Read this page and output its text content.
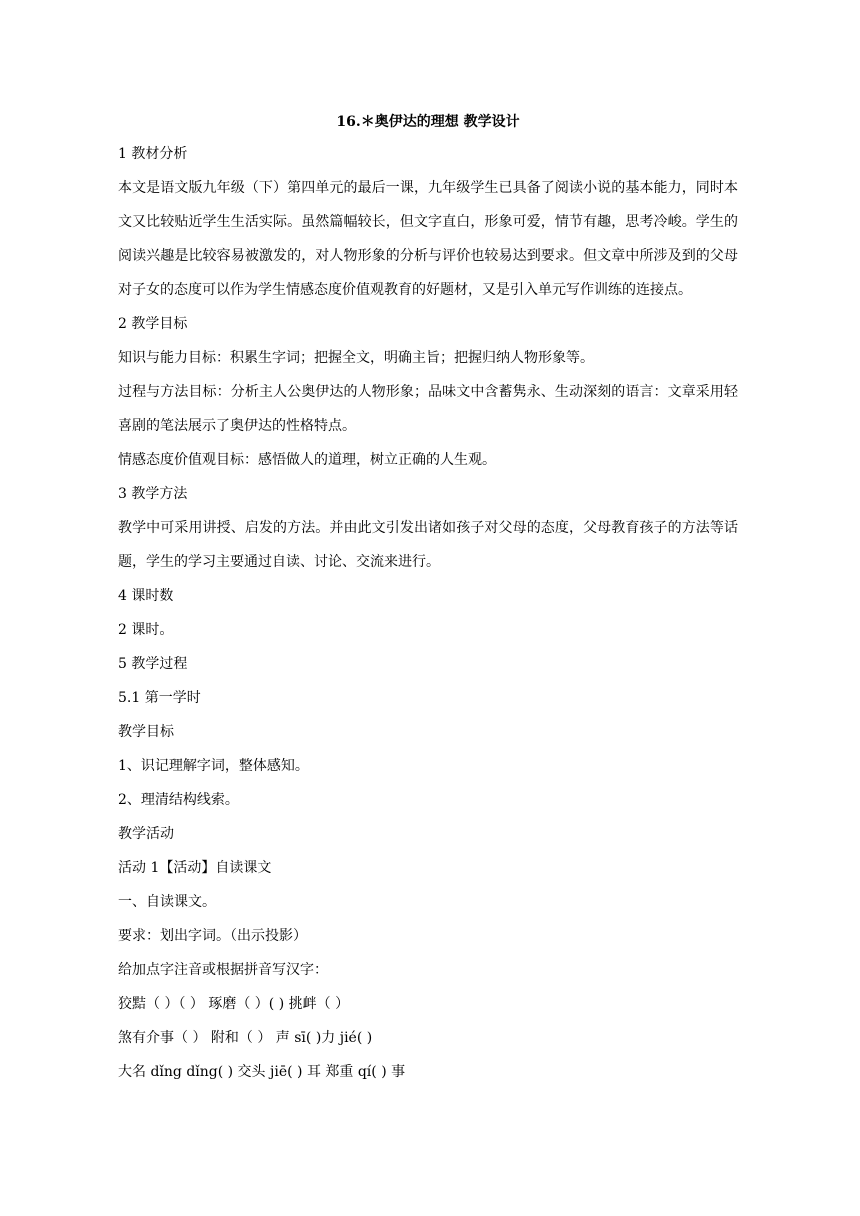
16.＊奥伊达的理想 教学设计
1 教材分析
本文是语文版九年级（下）第四单元的最后一课，九年级学生已具备了阅读小说的基本能力，同时本文又比较贴近学生生活实际。虽然篇幅较长，但文字直白，形象可爱，情节有趣，思考冷峻。学生的阅读兴趣是比较容易被激发的，对人物形象的分析与评价也较易达到要求。但文章中所涉及到的父母对子女的态度可以作为学生情感态度价值观教育的好题材，又是引入单元写作训练的连接点。
2 教学目标
知识与能力目标：积累生字词；把握全文，明确主旨；把握归纳人物形象等。
过程与方法目标：分析主人公奥伊达的人物形象；品味文中含蓄隽永、生动深刻的语言：文章采用轻喜剧的笔法展示了奥伊达的性格特点。
情感态度价值观目标：感悟做人的道理，树立正确的人生观。
3 教学方法
教学中可采用讲授、启发的方法。并由此文引发出诸如孩子对父母的态度，父母教育孩子的方法等话题，学生的学习主要通过自读、讨论、交流来进行。
4 课时数
2 课时。
5 教学过程
5.1 第一学时
教学目标
1、识记理解字词，整体感知。
2、理清结构线索。
教学活动
活动 1【活动】自读课文
一、自读课文。
要求：划出字词。（出示投影）
给加点字注音或根据拼音写汉字：
狡黠（ ）（ ） 琢磨（ ）( ) 挑衅（ ）
煞有介事（ ） 附和（ ） 声 sī( )力 jié( )
大名 dǐng dǐng( ) 交头 jiē( ) 耳 郑重 qí( ) 事
